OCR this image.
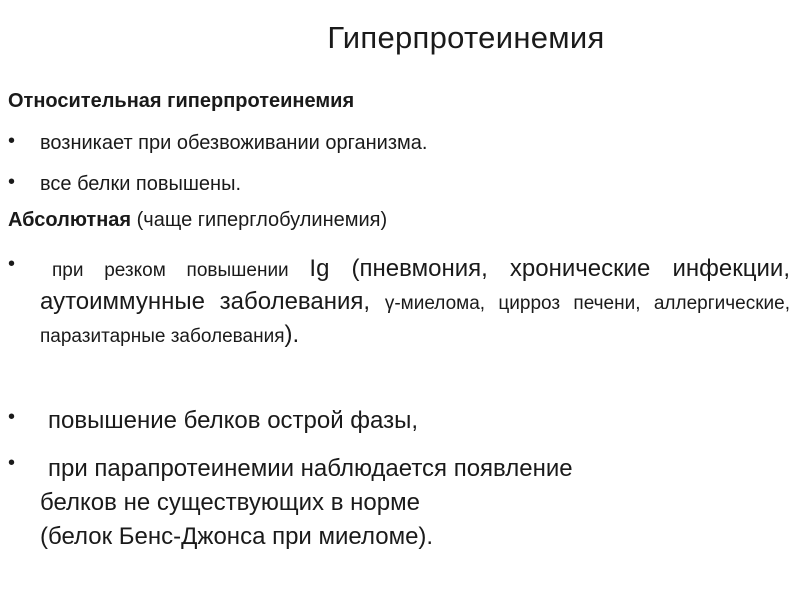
Гиперпротеинемия
Относительная гиперпротеинемия
•	возникает при обезвоживании организма.
•	все белки повышены.
Абсолютная (чаще гиперглобулинемия)
•	при резком повышении Ig (пневмония, хронические инфекции, аутоиммунные заболевания, γ-миелома, цирроз печени, аллергические, паразитарные заболевания).
•	повышение белков острой фазы,
•	при парапротеинемии наблюдается появление
белков не существующих в норме
(белок Бенс-Джонса при миеломе).
